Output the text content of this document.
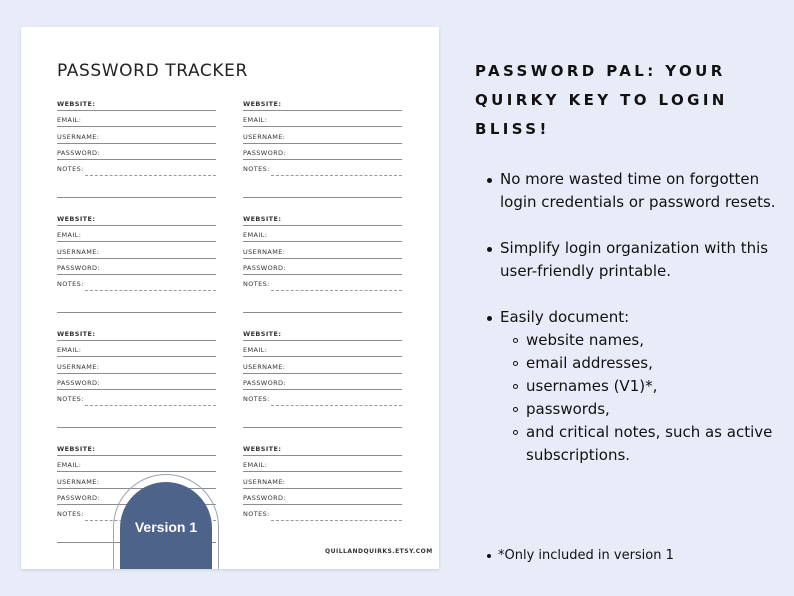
PASSWORD TRACKER
WEBSITE:
EMAIL:
USERNAME:
PASSWORD:
NOTES:
WEBSITE:
EMAIL:
USERNAME:
PASSWORD:
NOTES:
WEBSITE:
EMAIL:
USERNAME:
PASSWORD:
NOTES:
WEBSITE:
EMAIL:
USERNAME:
PASSWORD:
NOTES:
WEBSITE:
EMAIL:
USERNAME:
PASSWORD:
NOTES:
WEBSITE:
EMAIL:
USERNAME:
PASSWORD:
NOTES:
WEBSITE:
EMAIL:
USERNAME:
PASSWORD:
NOTES:
WEBSITE:
EMAIL:
USERNAME:
PASSWORD:
NOTES:
Version 1
QUILLANDQUIRKS.ETSY.COM
PASSWORD PAL: YOUR QUIRKY KEY TO LOGIN BLISS!
No more wasted time on forgotten login credentials or password resets.
Simplify login organization with this user-friendly printable.
Easily document:
website names,
email addresses,
usernames (V1)*,
passwords,
and critical notes, such as active subscriptions.
*Only included in version 1
